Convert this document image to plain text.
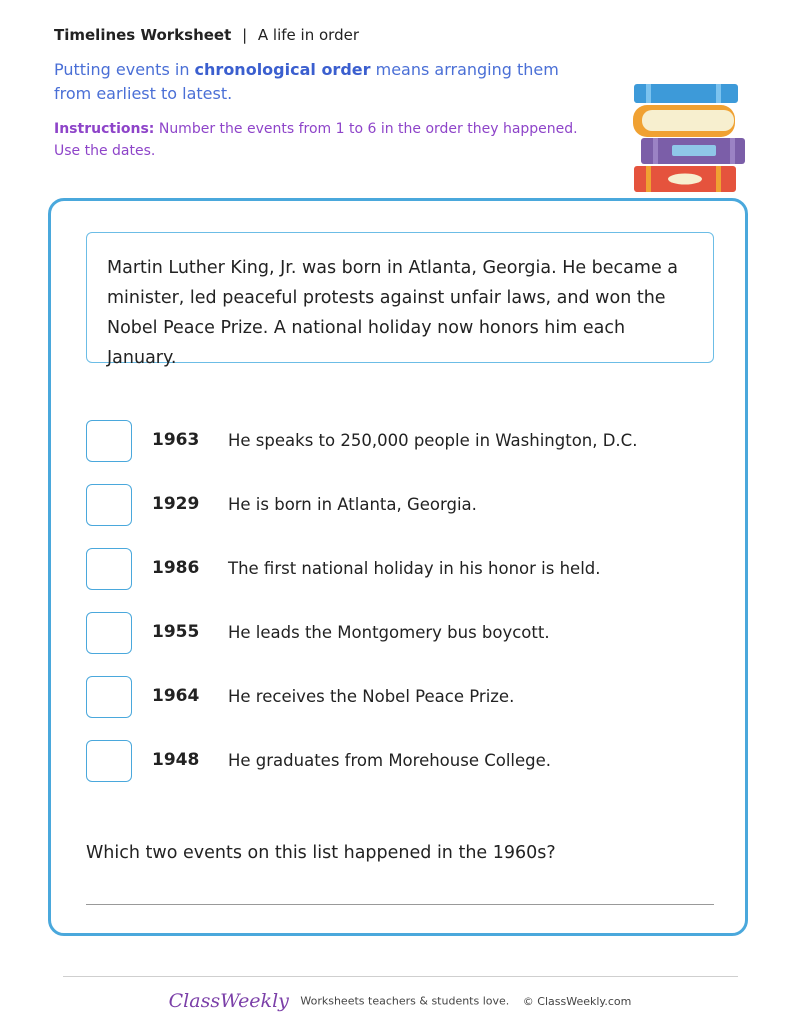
Timelines Worksheet | A life in order
Putting events in chronological order means arranging them from earliest to latest.
Instructions: Number the events from 1 to 6 in the order they happened. Use the dates.
Martin Luther King, Jr. was born in Atlanta, Georgia. He became a minister, led peaceful protests against unfair laws, and won the Nobel Peace Prize. A national holiday now honors him each January.
1963 He speaks to 250,000 people in Washington, D.C.
1929 He is born in Atlanta, Georgia.
1986 The first national holiday in his honor is held.
1955 He leads the Montgomery bus boycott.
1964 He receives the Nobel Peace Prize.
1948 He graduates from Morehouse College.
Which two events on this list happened in the 1960s?
ClassWeekly Worksheets teachers & students love. © ClassWeekly.com
